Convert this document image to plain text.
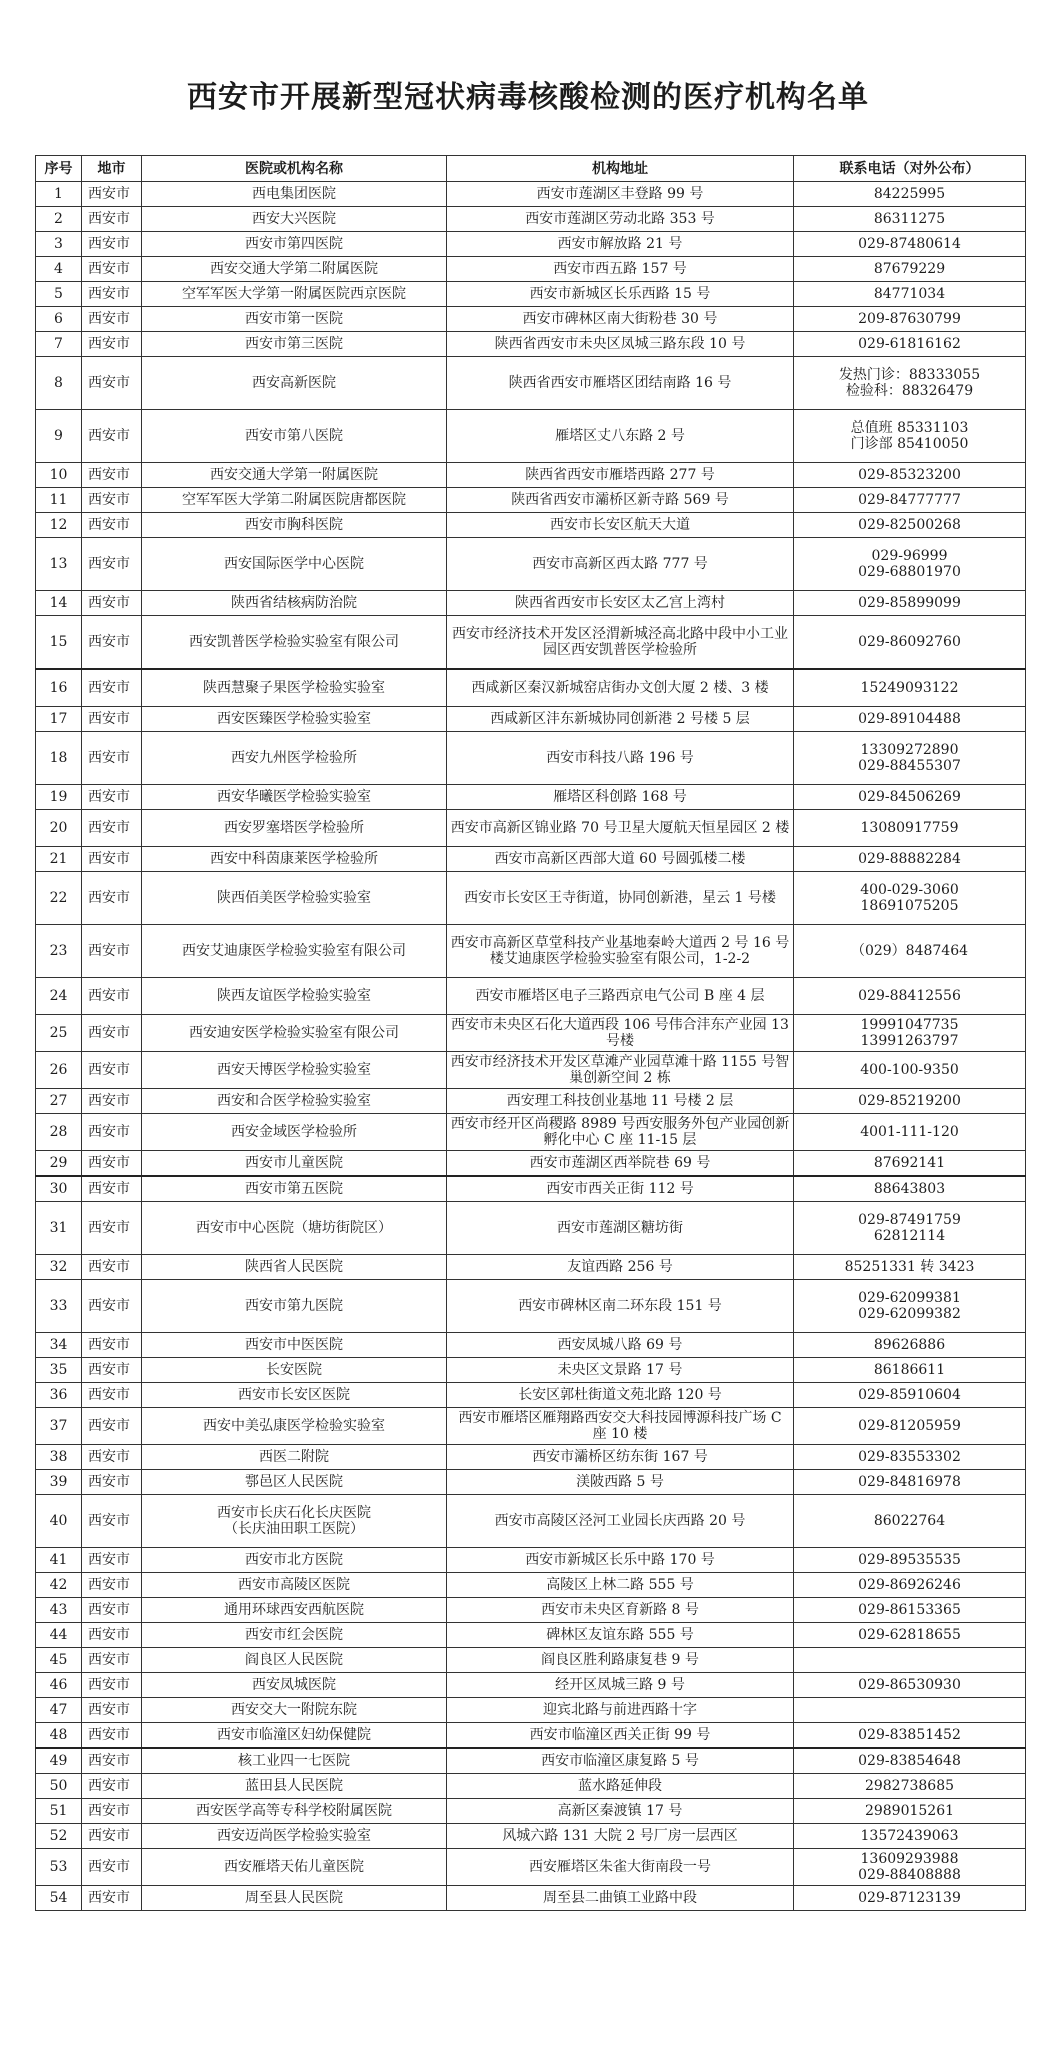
西安市开展新型冠状病毒核酸检测的医疗机构名单
序号	地市	医院或机构名称	机构地址	联系电话（对外公布）
1	西安市	西电集团医院	西安市莲湖区丰登路 99 号	84225995
2	西安市	西安大兴医院	西安市莲湖区劳动北路 353 号	86311275
3	西安市	西安市第四医院	西安市解放路 21 号	029-87480614
4	西安市	西安交通大学第二附属医院	西安市西五路 157 号	87679229
5	西安市	空军军医大学第一附属医院西京医院	西安市新城区长乐西路 15 号	84771034
6	西安市	西安市第一医院	西安市碑林区南大街粉巷 30 号	209-87630799
7	西安市	西安市第三医院	陕西省西安市未央区凤城三路东段 10 号	029-61816162
8	西安市	西安高新医院	陕西省西安市雁塔区团结南路 16 号	发热门诊：88333055
检验科：88326479
9	西安市	西安市第八医院	雁塔区丈八东路 2 号	总值班 85331103
门诊部 85410050
10	西安市	西安交通大学第一附属医院	陕西省西安市雁塔西路 277 号	029-85323200
11	西安市	空军军医大学第二附属医院唐都医院	陕西省西安市灞桥区新寺路 569 号	029-84777777
12	西安市	西安市胸科医院	西安市长安区航天大道	029-82500268
13	西安市	西安国际医学中心医院	西安市高新区西太路 777 号	029-96999
029-68801970
14	西安市	陕西省结核病防治院	陕西省西安市长安区太乙宫上湾村	029-85899099
15	西安市	西安凯普医学检验实验室有限公司	西安市经济技术开发区泾渭新城泾高北路中段中小工业园区西安凯普医学检验所	029-86092760
16	西安市	陕西慧聚子果医学检验实验室	西咸新区秦汉新城窑店街办文创大厦 2 楼、3 楼	15249093122
17	西安市	西安医臻医学检验实验室	西咸新区沣东新城协同创新港 2 号楼 5 层	029-89104488
18	西安市	西安九州医学检验所	西安市科技八路 196 号	13309272890
029-88455307
19	西安市	西安华曦医学检验实验室	雁塔区科创路 168 号	029-84506269
20	西安市	西安罗塞塔医学检验所	西安市高新区锦业路 70 号卫星大厦航天恒星园区 2 楼	13080917759
21	西安市	西安中科茵康莱医学检验所	西安市高新区西部大道 60 号圆弧楼二楼	029-88882284
22	西安市	陕西佰美医学检验实验室	西安市长安区王寺街道，协同创新港，星云 1 号楼	400-029-3060
18691075205
23	西安市	西安艾迪康医学检验实验室有限公司	西安市高新区草堂科技产业基地秦岭大道西 2 号 16 号楼艾迪康医学检验实验室有限公司，1-2-2	（029）8487464
24	西安市	陕西友谊医学检验实验室	西安市雁塔区电子三路西京电气公司 B 座 4 层	029-88412556
25	西安市	西安迪安医学检验实验室有限公司	西安市未央区石化大道西段 106 号伟合沣东产业园 13 号楼	19991047735
13991263797
26	西安市	西安天博医学检验实验室	西安市经济技术开发区草滩产业园草滩十路 1155 号智巢创新空间 2 栋	400-100-9350
27	西安市	西安和合医学检验实验室	西安理工科技创业基地 11 号楼 2 层	029-85219200
28	西安市	西安金域医学检验所	西安市经开区尚稷路 8989 号西安服务外包产业园创新孵化中心 C 座 11-15 层	4001-111-120
29	西安市	西安市儿童医院	西安市莲湖区西举院巷 69 号	87692141
30	西安市	西安市第五医院	西安市西关正街 112 号	88643803
31	西安市	西安市中心医院（塘坊街院区）	西安市莲湖区糖坊街	029-87491759
62812114
32	西安市	陕西省人民医院	友谊西路 256 号	85251331 转 3423
33	西安市	西安市第九医院	西安市碑林区南二环东段 151 号	029-62099381
029-62099382
34	西安市	西安市中医医院	西安凤城八路 69 号	89626886
35	西安市	长安医院	未央区文景路 17 号	86186611
36	西安市	西安市长安区医院	长安区郭杜街道文苑北路 120 号	029-85910604
37	西安市	西安中美弘康医学检验实验室	西安市雁塔区雁翔路西安交大科技园博源科技广场 C 座 10 楼	029-81205959
38	西安市	西医二附院	西安市灞桥区纺东街 167 号	029-83553302
39	西安市	鄠邑区人民医院	渼陂西路 5 号	029-84816978
40	西安市	西安市长庆石化长庆医院
（长庆油田职工医院）	西安市高陵区泾河工业园长庆西路 20 号	86022764
41	西安市	西安市北方医院	西安市新城区长乐中路 170 号	029-89535535
42	西安市	西安市高陵区医院	高陵区上林二路 555 号	029-86926246
43	西安市	通用环球西安西航医院	西安市未央区育新路 8 号	029-86153365
44	西安市	西安市红会医院	碑林区友谊东路 555 号	029-62818655
45	西安市	阎良区人民医院	阎良区胜利路康复巷 9 号	
46	西安市	西安凤城医院	经开区凤城三路 9 号	029-86530930
47	西安市	西安交大一附院东院	迎宾北路与前进西路十字	
48	西安市	西安市临潼区妇幼保健院	西安市临潼区西关正街 99 号	029-83851452
49	西安市	核工业四一七医院	西安市临潼区康复路 5 号	029-83854648
50	西安市	蓝田县人民医院	蓝水路延伸段	2982738685
51	西安市	西安医学高等专科学校附属医院	高新区秦渡镇 17 号	2989015261
52	西安市	西安迈尚医学检验实验室	风城六路 131 大院 2 号厂房一层西区	13572439063
53	西安市	西安雁塔天佑儿童医院	西安雁塔区朱雀大街南段一号	13609293988
029-88408888
54	西安市	周至县人民医院	周至县二曲镇工业路中段	029-87123139
